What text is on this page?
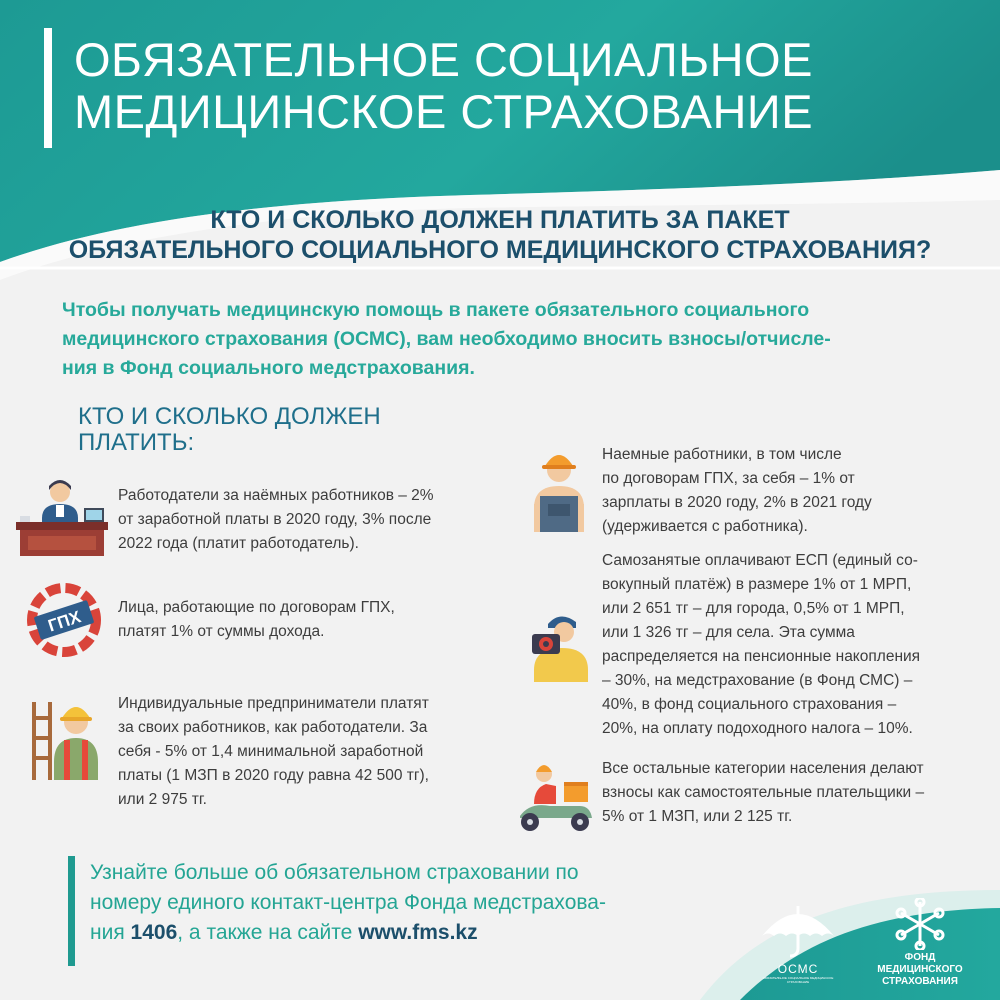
ОБЯЗАТЕЛЬНОЕ СОЦИАЛЬНОЕ
МЕДИЦИНСКОЕ СТРАХОВАНИЕ
КТО И СКОЛЬКО ДОЛЖЕН ПЛАТИТЬ ЗА ПАКЕТ
ОБЯЗАТЕЛЬНОГО СОЦИАЛЬНОГО МЕДИЦИНСКОГО СТРАХОВАНИЯ?
Чтобы получать медицинскую помощь в пакете обязательного социального
медицинского страхования (ОСМС), вам необходимо вносить взносы/отчисле-
ния в Фонд социального медстрахования.
КТО И СКОЛЬКО ДОЛЖЕН
ПЛАТИТЬ:
Работодатели за наёмных работников – 2%
от заработной платы в 2020 году, 3% после
2022 года (платит работодатель).
ГПХ Лица, работающие по договорам ГПХ,
платят 1% от суммы дохода.
Индивидуальные предприниматели платят
за своих работников, как работодатели. За
себя - 5% от 1,4 минимальной заработной
платы (1 МЗП в 2020 году равна 42 500 тг),
или 2 975 тг.
Наемные работники, в том числе
по договорам ГПХ, за себя – 1% от
зарплаты в 2020 году, 2% в 2021 году
(удерживается с работника).
Самозанятые оплачивают ЕСП (единый со-
вокупный платёж) в размере 1% от 1 МРП,
или 2 651 тг – для города, 0,5% от 1 МРП,
или 1 326 тг – для села. Эта сумма
распределяется на пенсионные накопления
– 30%, на медстрахование (в Фонд СМС) –
40%, в фонд социального страхования –
20%, на оплату подоходного налога – 10%.
Все остальные категории населения делают
взносы как самостоятельные плательщики –
5% от 1 МЗП, или 2 125 тг.
Узнайте больше об обязательном страховании по
номеру единого контакт-центра Фонда медстрахова-
ния 1406, а также на сайте www.fms.kz
ОСМС
ОБЯЗАТЕЛЬНОЕ СОЦИАЛЬНОЕ МЕДИЦИНСКОЕ СТРАХОВАНИЕ
ФОНД
МЕДИЦИНСКОГО
СТРАХОВАНИЯ
